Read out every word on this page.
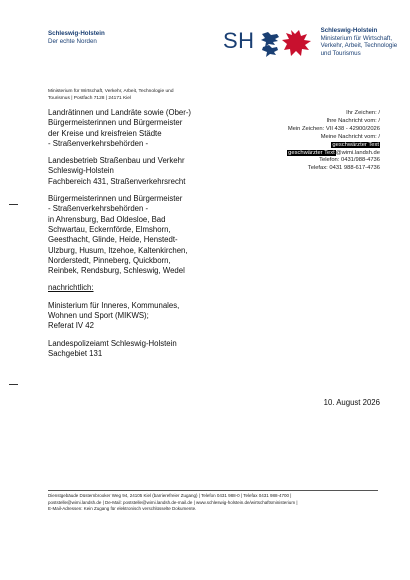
Schleswig-Holstein
Der echte Norden	SH	Schleswig-Holstein
Ministerium für Wirtschaft,
Verkehr, Arbeit, Technologie
und Tourismus
Ministerium für Wirtschaft, Verkehr, Arbeit, Technologie und
Tourismus | Postfach 7128 | 24171 Kiel
Ihr Zeichen: /
Ihre Nachricht vom: /
Mein Zeichen: VII 438 - 42900/2026
Meine Nachricht vom: /
geschwärzter Text
geschwärzter Text@wimi.landsh.de
Telefon: 0431/988-4736
Telefax: 0431 988-617-4736
Landrätinnen und Landräte sowie (Ober-)
Bürgermeisterinnen und Bürgermeister
der Kreise und kreisfreien Städte
- Straßenverkehrsbehörden -
Landesbetrieb Straßenbau und Verkehr
Schleswig-Holstein
Fachbereich 431, Straßenverkehrsrecht
Bürgermeisterinnen und Bürgermeister
- Straßenverkehrsbehörden -
in Ahrensburg, Bad Oldesloe, Bad
Schwartau, Eckernförde, Elmshorn,
Geesthacht, Glinde, Heide, Henstedt-
Ulzburg, Husum, Itzehoe, Kaltenkirchen,
Norderstedt, Pinneberg, Quickborn,
Reinbek, Rendsburg, Schleswig, Wedel
nachrichtlich:
Ministerium für Inneres, Kommunales,
Wohnen und Sport (MIKWS);
Referat IV 42
Landespolizeiamt Schleswig-Holstein
Sachgebiet 131
10. August 2026
Dienstgebäude Düsternbrooker Weg 94, 24105 Kiel (barrierefreier Zugang) | Telefon 0431 988-0 | Telefax 0431 988-4700 |
poststelle@wimi.landsh.de | De-Mail: poststelle@wimi.landsh.de-mail.de | www.schleswig-holstein.de/wirtschaftsministerium |
E-Mail-Adressen: Kein Zugang für elektronisch verschlüsselte Dokumente.
